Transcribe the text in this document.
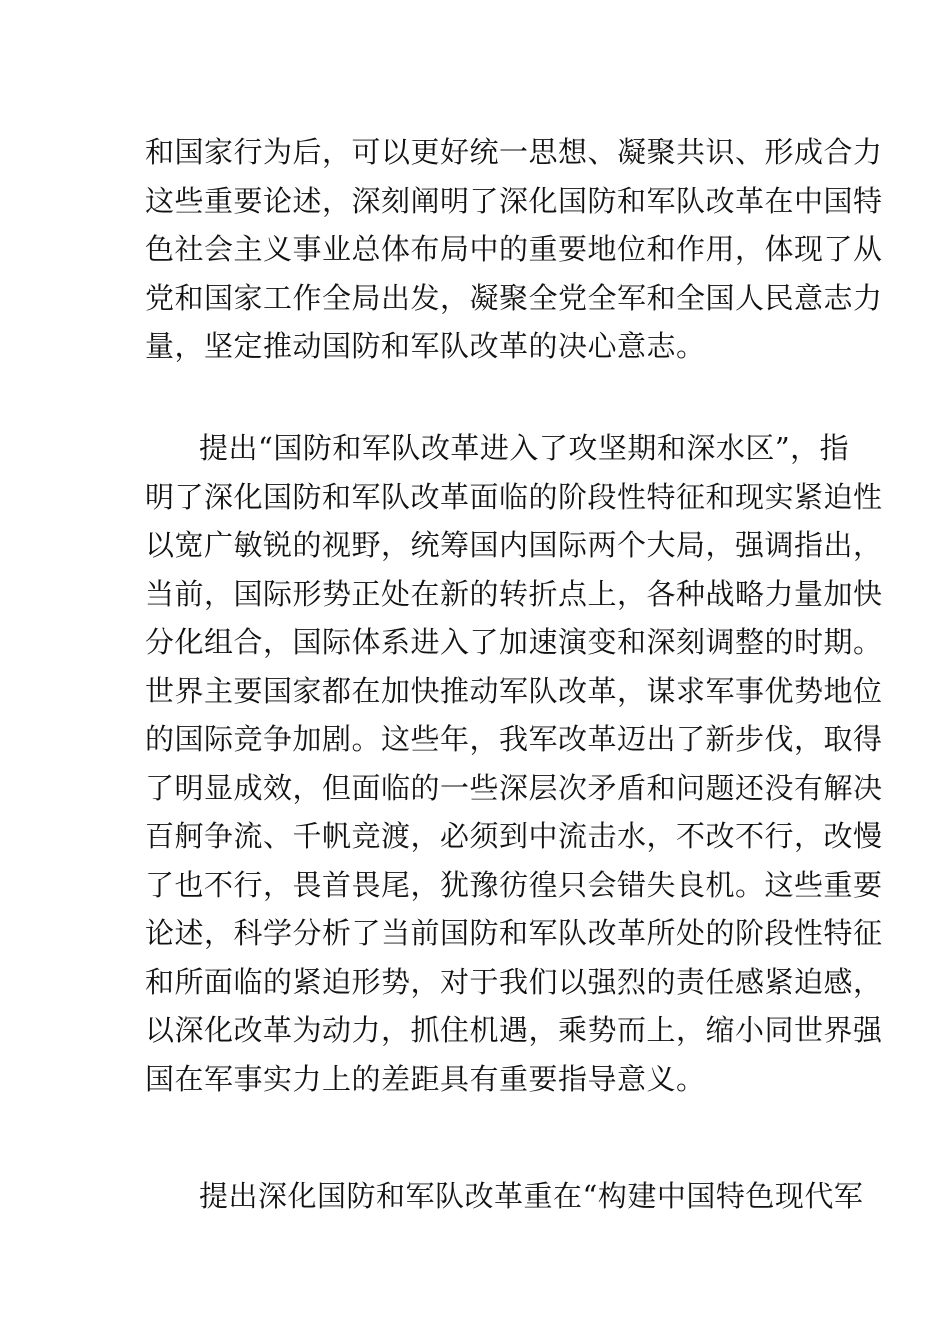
和国家行为后，可以更好统一思想、凝聚共识、形成合力
这些重要论述，深刻阐明了深化国防和军队改革在中国特
色社会主义事业总体布局中的重要地位和作用，体现了从
党和国家工作全局出发，凝聚全党全军和全国人民意志力
量，坚定推动国防和军队改革的决心意志。
提出“国防和军队改革进入了攻坚期和深水区”，指
明了深化国防和军队改革面临的阶段性特征和现实紧迫性
以宽广敏锐的视野，统筹国内国际两个大局，强调指出，
当前，国际形势正处在新的转折点上，各种战略力量加快
分化组合，国际体系进入了加速演变和深刻调整的时期。
世界主要国家都在加快推动军队改革，谋求军事优势地位
的国际竞争加剧。这些年，我军改革迈出了新步伐，取得
了明显成效，但面临的一些深层次矛盾和问题还没有解决
百舸争流、千帆竞渡，必须到中流击水，不改不行，改慢
了也不行，畏首畏尾，犹豫彷徨只会错失良机。这些重要
论述，科学分析了当前国防和军队改革所处的阶段性特征
和所面临的紧迫形势，对于我们以强烈的责任感紧迫感，
以深化改革为动力，抓住机遇，乘势而上，缩小同世界强
国在军事实力上的差距具有重要指导意义。
提出深化国防和军队改革重在“构建中国特色现代军
